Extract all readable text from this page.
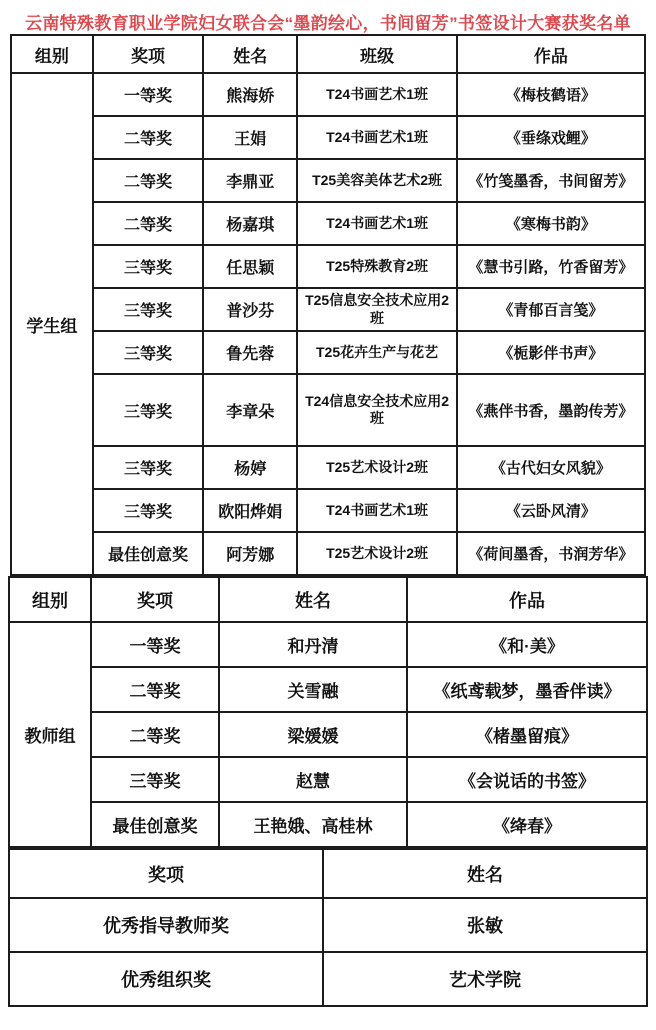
云南特殊教育职业学院妇女联合会“墨韵绘心，书间留芳”书签设计大赛获奖名单
组别	奖项	姓名	班级	作品
学生组	一等奖	熊海娇	T24书画艺术1班	《梅枝鹤语》
	二等奖	王娟	T24书画艺术1班	《垂绦戏鲤》
	二等奖	李鼎亚	T25美容美体艺术2班	《竹笺墨香，书间留芳》
	二等奖	杨嘉琪	T24书画艺术1班	《寒梅书韵》
	三等奖	任思颖	T25特殊教育2班	《慧书引路，竹香留芳》
	三等奖	普沙芬	T25信息安全技术应用2班	《青郁百言笺》
	三等奖	鲁先蓉	T25花卉生产与花艺	《栀影伴书声》
	三等奖	李章朵	T24信息安全技术应用2班	《燕伴书香，墨韵传芳》
	三等奖	杨婷	T25艺术设计2班	《古代妇女风貌》
	三等奖	欧阳烨娟	T24书画艺术1班	《云卧风清》
	最佳创意奖	阿芳娜	T25艺术设计2班	《荷间墨香，书润芳华》
组别	奖项	姓名	作品
教师组	一等奖	和丹清	《和·美》
	二等奖	关雪融	《纸鸢载梦，墨香伴读》
	二等奖	梁媛媛	《楮墨留痕》
	三等奖	赵慧	《会说话的书签》
	最佳创意奖	王艳娥、高桂林	《绛春》
奖项	姓名
优秀指导教师奖	张敏
优秀组织奖	艺术学院
